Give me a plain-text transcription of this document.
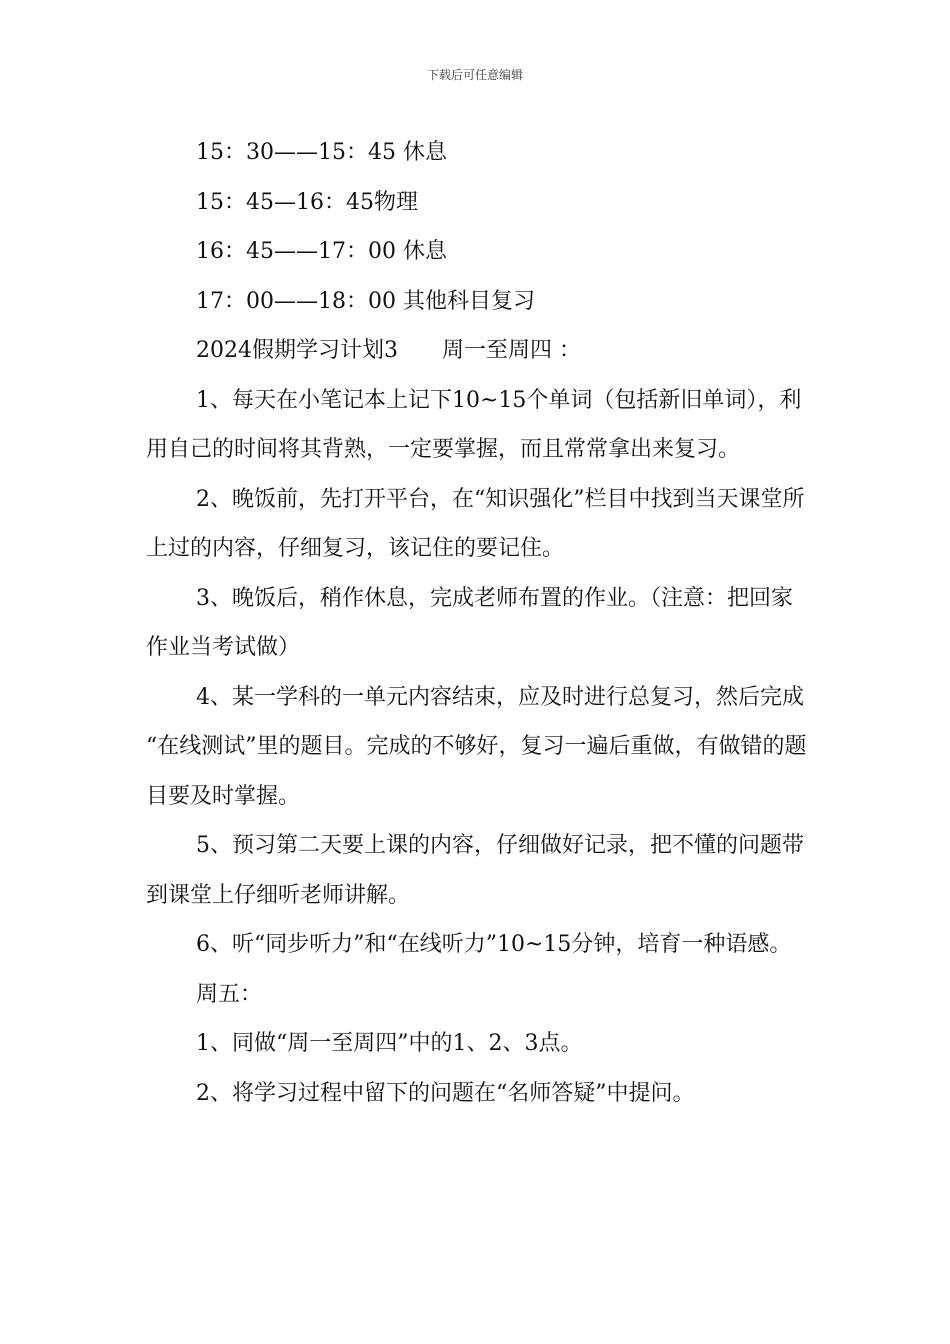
下载后可任意编辑

15：30——15：45 休息

15：45—16：45物理

16：45——17：00 休息

17：00——18：00 其他科目复习

2024假期学习计划3　　周一至周四 ：

1、每天在小笔记本上记下10~15个单词（包括新旧单词），利用自己的时间将其背熟，一定要掌握，而且常常拿出来复习。

2、晚饭前，先打开平台，在“知识强化”栏目中找到当天课堂所上过的内容，仔细复习，该记住的要记住。

3、晚饭后，稍作休息，完成老师布置的作业。（注意：把回家作业当考试做）

4、某一学科的一单元内容结束，应及时进行总复习，然后完成 “在线测试”里的题目。完成的不够好，复习一遍后重做，有做错的题目要及时掌握。

5、预习第二天要上课的内容，仔细做好记录，把不懂的问题带到课堂上仔细听老师讲解。

6、听“同步听力”和“在线听力”10~15分钟，培育一种语感。

周五：

1、同做“周一至周四”中的1、2、3点。

2、将学习过程中留下的问题在“名师答疑”中提问。
